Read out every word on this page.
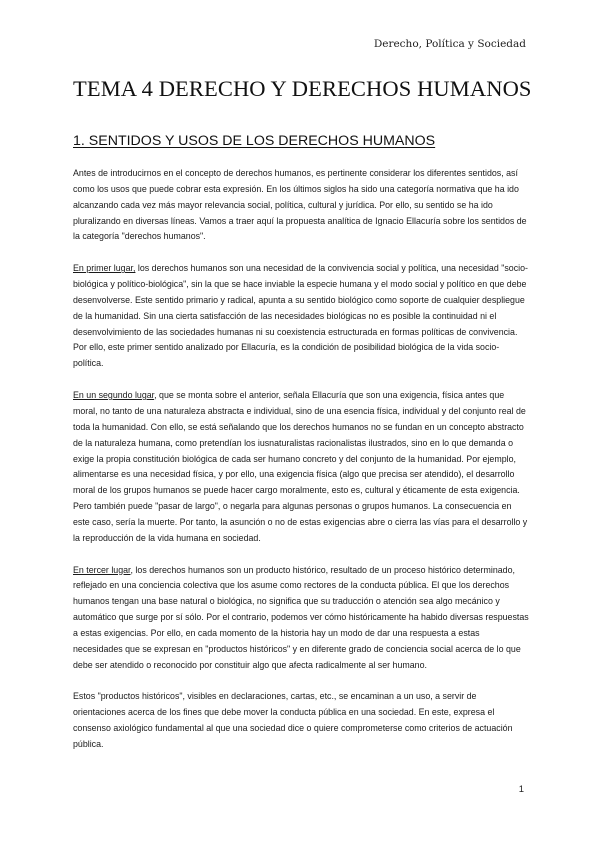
Derecho, Política y Sociedad
TEMA 4 DERECHO Y DERECHOS HUMANOS
1. SENTIDOS Y USOS DE LOS DERECHOS HUMANOS

Antes de introducirnos en el concepto de derechos humanos, es pertinente considerar los diferentes sentidos, así como los usos que puede cobrar esta expresión. En los últimos siglos ha sido una categoría normativa que ha ido alcanzando cada vez más mayor relevancia social, política, cultural y jurídica. Por ello, su sentido se ha ido pluralizando en diversas líneas. Vamos a traer aquí la propuesta analítica de Ignacio Ellacuría sobre los sentidos de la categoría "derechos humanos".

En primer lugar, los derechos humanos son una necesidad de la convivencia social y política, una necesidad "socio-biológica y político-biológica", sin la que se hace inviable la especie humana y el modo social y político en que debe desenvolverse. Este sentido primario y radical, apunta a su sentido biológico como soporte de cualquier despliegue de la humanidad. Sin una cierta satisfacción de las necesidades biológicas no es posible la continuidad ni el desenvolvimiento de las sociedades humanas ni su coexistencia estructurada en formas políticas de convivencia. Por ello, este primer sentido analizado por Ellacuría, es la condición de posibilidad biológica de la vida socio-política.

En un segundo lugar, que se monta sobre el anterior, señala Ellacuría que son una exigencia, física antes que moral, no tanto de una naturaleza abstracta e individual, sino de una esencia física, individual y del conjunto real de toda la humanidad. Con ello, se está señalando que los derechos humanos no se fundan en un concepto abstracto de la naturaleza humana, como pretendían los iusnaturalistas racionalistas ilustrados, sino en lo que demanda o exige la propia constitución biológica de cada ser humano concreto y del conjunto de la humanidad. Por ejemplo, alimentarse es una necesidad física, y por ello, una exigencia física (algo que precisa ser atendido), el desarrollo moral de los grupos humanos se puede hacer cargo moralmente, esto es, cultural y éticamente de esta exigencia. Pero también puede "pasar de largo", o negarla para algunas personas o grupos humanos. La consecuencia en este caso, sería la muerte. Por tanto, la asunción o no de estas exigencias abre o cierra las vías para el desarrollo y la reproducción de la vida humana en sociedad.

En tercer lugar, los derechos humanos son un producto histórico, resultado de un proceso histórico determinado, reflejado en una conciencia colectiva que los asume como rectores de la conducta pública. El que los derechos humanos tengan una base natural o biológica, no significa que su traducción o atención sea algo mecánico y automático que surge por sí sólo. Por el contrario, podemos ver cómo históricamente ha habido diversas respuestas a estas exigencias. Por ello, en cada momento de la historia hay un modo de dar una respuesta a estas necesidades que se expresan en "productos históricos" y en diferente grado de conciencia social acerca de lo que debe ser atendido o reconocido por constituir algo que afecta radicalmente al ser humano.

Estos "productos históricos", visibles en declaraciones, cartas, etc., se encaminan a un uso, a servir de orientaciones acerca de los fines que debe mover la conducta pública en una sociedad. En este, expresa el consenso axiológico fundamental al que una sociedad dice o quiere comprometerse como criterios de actuación pública.

1
